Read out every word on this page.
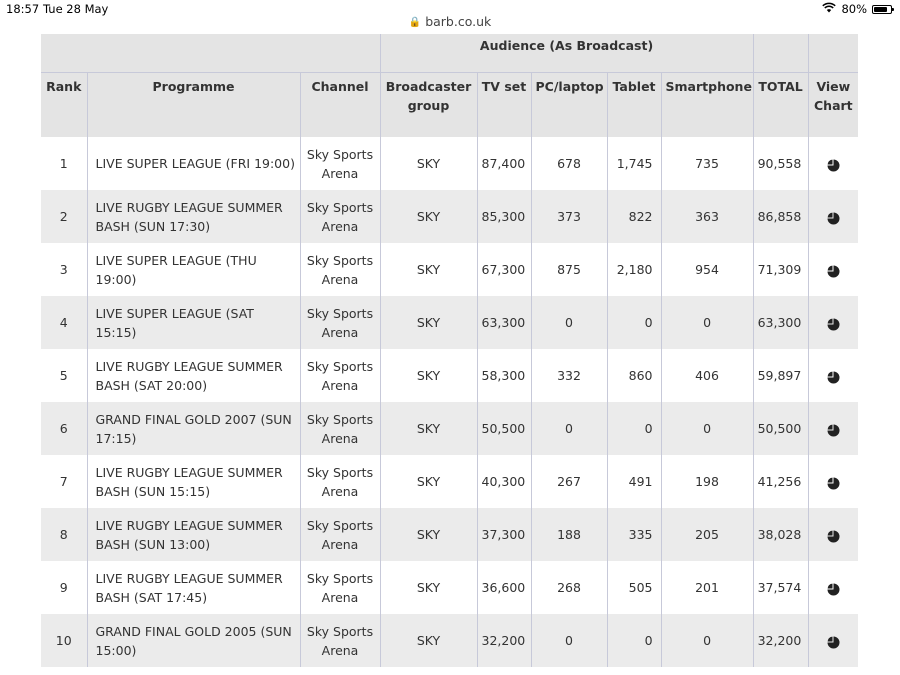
18:57 Tue 28 May	80%
🔒 barb.co.uk
			Audience (As Broadcast)						
Rank	Programme	Channel	Broadcaster group	TV set	PC/laptop	Tablet	Smartphone	TOTAL	View Chart
1	LIVE SUPER LEAGUE (FRI 19:00)	Sky Sports Arena	SKY	87,400	678	1,745	735	90,558	
2	LIVE RUGBY LEAGUE SUMMER BASH (SUN 17:30)	Sky Sports Arena	SKY	85,300	373	822	363	86,858	
3	LIVE SUPER LEAGUE (THU 19:00)	Sky Sports Arena	SKY	67,300	875	2,180	954	71,309	
4	LIVE SUPER LEAGUE (SAT 15:15)	Sky Sports Arena	SKY	63,300	0	0	0	63,300	
5	LIVE RUGBY LEAGUE SUMMER BASH (SAT 20:00)	Sky Sports Arena	SKY	58,300	332	860	406	59,897	
6	GRAND FINAL GOLD 2007 (SUN 17:15)	Sky Sports Arena	SKY	50,500	0	0	0	50,500	
7	LIVE RUGBY LEAGUE SUMMER BASH (SUN 15:15)	Sky Sports Arena	SKY	40,300	267	491	198	41,256	
8	LIVE RUGBY LEAGUE SUMMER BASH (SUN 13:00)	Sky Sports Arena	SKY	37,300	188	335	205	38,028	
9	LIVE RUGBY LEAGUE SUMMER BASH (SAT 17:45)	Sky Sports Arena	SKY	36,600	268	505	201	37,574	
10	GRAND FINAL GOLD 2005 (SUN 15:00)	Sky Sports Arena	SKY	32,200	0	0	0	32,200	
